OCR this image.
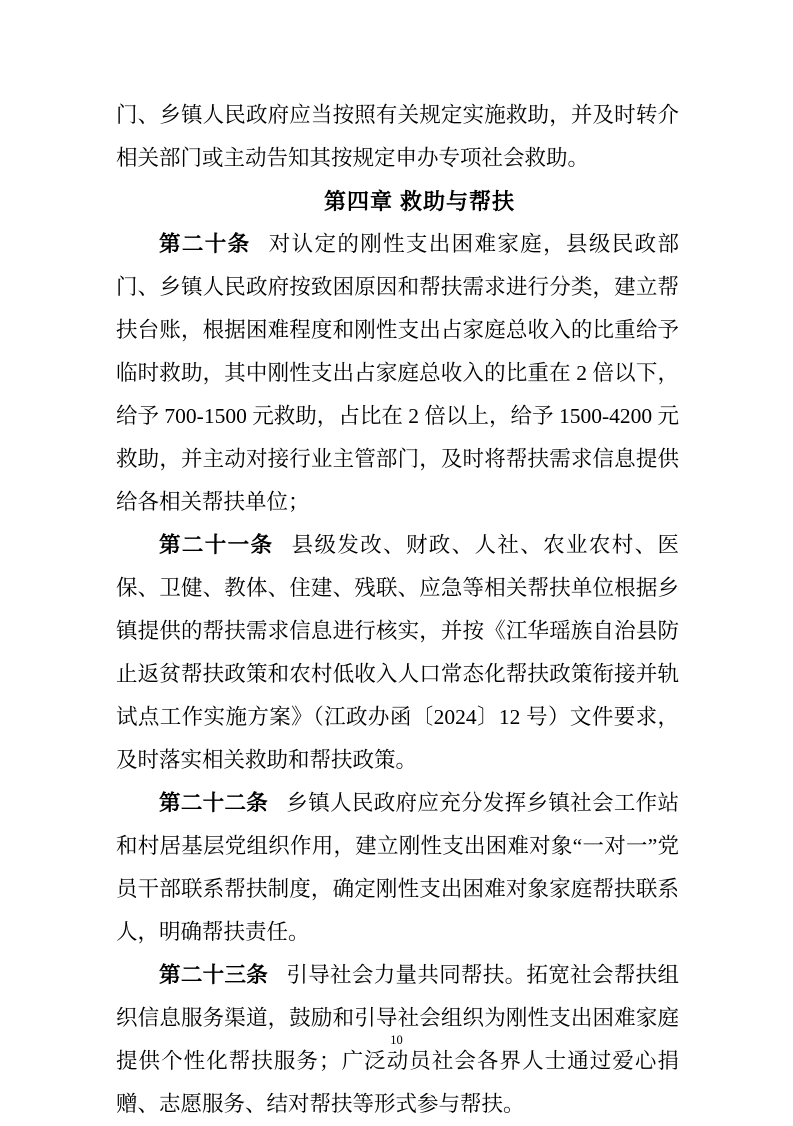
门、乡镇人民政府应当按照有关规定实施救助，并及时转介相关部门或主动告知其按规定申办专项社会救助。

第四章 救助与帮扶

第二十条 对认定的刚性支出困难家庭，县级民政部门、乡镇人民政府按致困原因和帮扶需求进行分类，建立帮扶台账，根据困难程度和刚性支出占家庭总收入的比重给予临时救助，其中刚性支出占家庭总收入的比重在 2 倍以下，给予 700-1500 元救助，占比在 2 倍以上，给予 1500-4200 元救助，并主动对接行业主管部门，及时将帮扶需求信息提供给各相关帮扶单位；

第二十一条 县级发改、财政、人社、农业农村、医保、卫健、教体、住建、残联、应急等相关帮扶单位根据乡镇提供的帮扶需求信息进行核实，并按《江华瑶族自治县防止返贫帮扶政策和农村低收入人口常态化帮扶政策衔接并轨试点工作实施方案》（江政办函〔2024〕12 号）文件要求，及时落实相关救助和帮扶政策。

第二十二条 乡镇人民政府应充分发挥乡镇社会工作站和村居基层党组织作用，建立刚性支出困难对象“一对一”党员干部联系帮扶制度，确定刚性支出困难对象家庭帮扶联系人，明确帮扶责任。

第二十三条 引导社会力量共同帮扶。拓宽社会帮扶组织信息服务渠道，鼓励和引导社会组织为刚性支出困难家庭提供个性化帮扶服务；广泛动员社会各界人士通过爱心捐赠、志愿服务、结对帮扶等形式参与帮扶。

10
